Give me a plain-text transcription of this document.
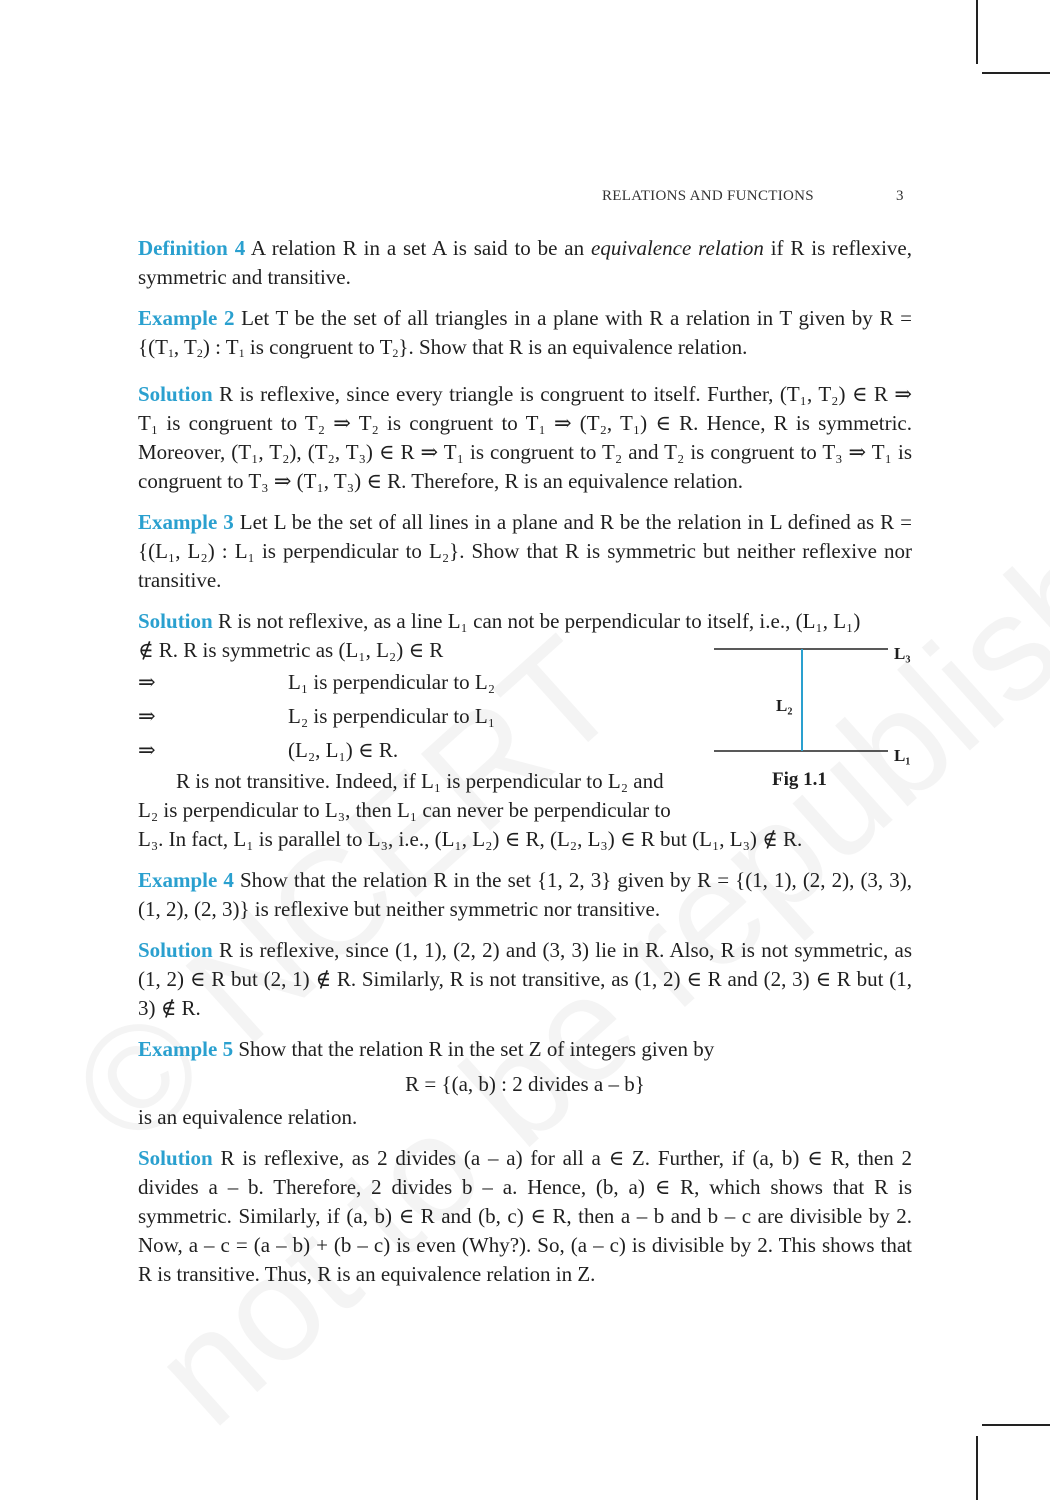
RELATIONS AND FUNCTIONS	3

Definition 4 A relation R in a set A is said to be an equivalence relation if R is reflexive, symmetric and transitive.

Example 2 Let T be the set of all triangles in a plane with R a relation in T given by $R = \{(T_1$, $T_2$) : $T_1$ is congruent to $T_2$}. Show that R is an equivalence relation.

Solution R is reflexive, since every triangle is congruent to itself. Further, (T₁, T₂) ∈ R ⇒ T₁ is congruent to T₂ ⇒ T₂ is congruent to T₁ ⇒ (T₂, T₁) ∈ R. Hence, R is symmetric. Moreover, (T₁, T₂), (T₂, T₃) ∈ R ⇒ T₁ is congruent to T₂ and T₂ is congruent to T₃ ⇒ T₁ is congruent to T₃ ⇒ (T₁, T₃) ∈ R. Therefore, R is an equivalence relation.

Example 3 Let L be the set of all lines in a plane and R be the relation in L defined as R = {(L₁, L₂) : L₁ is perpendicular to L₂}. Show that R is symmetric but neither reflexive nor transitive.

Solution R is not reflexive, as a line L₁ can not be perpendicular to itself, i.e., (L₁, L₁)
∉ R. R is symmetric as (L₁, L₂) ∈ R
⇒	L₁ is perpendicular to L₂
⇒	L₂ is perpendicular to L₁
⇒	(L₂, L₁) ∈ R.
R is not transitive. Indeed, if L₁ is perpendicular to L₂ and
L₂ is perpendicular to L₃, then L₁ can never be perpendicular to
L₃. In fact, L₁ is parallel to L₃, i.e., (L₁, L₂) ∈ R, (L₂, L₃) ∈ R but (L₁, L₃) ∉ R.
L₃
L₂
L₁
Fig 1.1

Example 4 Show that the relation R in the set {1, 2, 3} given by R = {(1, 1), (2, 2), (3, 3), (1, 2), (2, 3)} is reflexive but neither symmetric nor transitive.

Solution R is reflexive, since (1, 1), (2, 2) and (3, 3) lie in R. Also, R is not symmetric, as (1, 2) ∈ R but (2, 1) ∉ R. Similarly, R is not transitive, as (1, 2) ∈ R and (2, 3) ∈ R but (1, 3) ∉ R.

Example 5 Show that the relation R in the set Z of integers given by
R = {(a, b) : 2 divides a – b}
is an equivalence relation.

Solution R is reflexive, as 2 divides (a – a) for all a ∈ Z. Further, if (a, b) ∈ R, then 2 divides a – b. Therefore, 2 divides b – a. Hence, (b, a) ∈ R, which shows that R is symmetric. Similarly, if (a, b) ∈ R and (b, c) ∈ R, then a – b and b – c are divisible by 2. Now, a – c = (a – b) + (b – c) is even (Why?). So, (a – c) is divisible by 2. This shows that R is transitive. Thus, R is an equivalence relation in Z.
